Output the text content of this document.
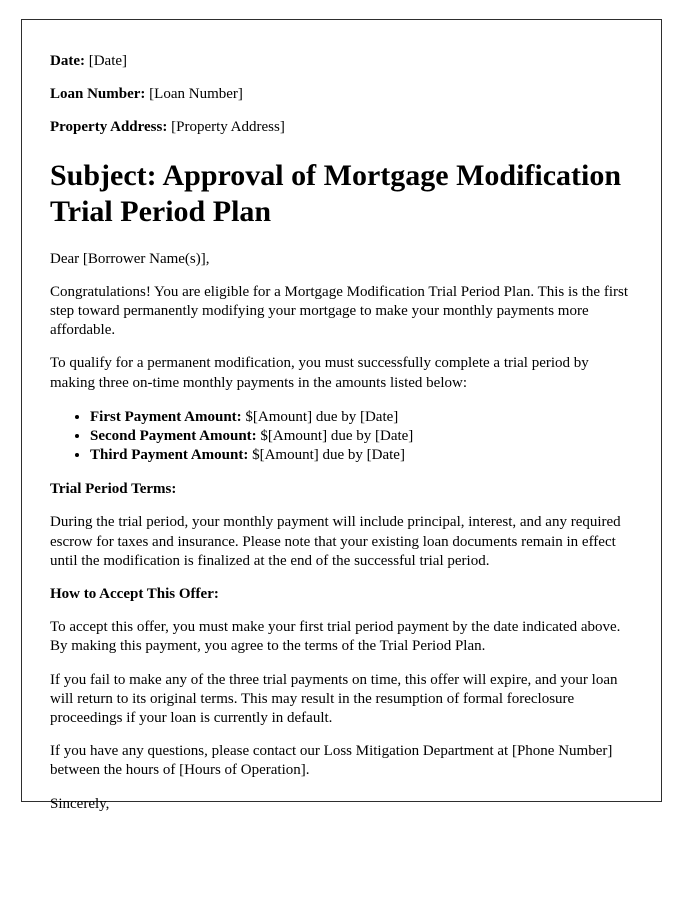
Date: [Date]

Loan Number: [Loan Number]

Property Address: [Property Address]

Subject: Approval of Mortgage Modification Trial Period Plan

Dear [Borrower Name(s)],

Congratulations! You are eligible for a Mortgage Modification Trial Period Plan. This is the first step toward permanently modifying your mortgage to make your monthly payments more affordable.

To qualify for a permanent modification, you must successfully complete a trial period by making three on-time monthly payments in the amounts listed below:

• First Payment Amount: $[Amount] due by [Date]
• Second Payment Amount: $[Amount] due by [Date]
• Third Payment Amount: $[Amount] due by [Date]

Trial Period Terms:

During the trial period, your monthly payment will include principal, interest, and any required escrow for taxes and insurance. Please note that your existing loan documents remain in effect until the modification is finalized at the end of the successful trial period.

How to Accept This Offer:

To accept this offer, you must make your first trial period payment by the date indicated above. By making this payment, you agree to the terms of the Trial Period Plan.

If you fail to make any of the three trial payments on time, this offer will expire, and your loan will return to its original terms. This may result in the resumption of formal foreclosure proceedings if your loan is currently in default.

If you have any questions, please contact our Loss Mitigation Department at [Phone Number] between the hours of [Hours of Operation].

Sincerely,
